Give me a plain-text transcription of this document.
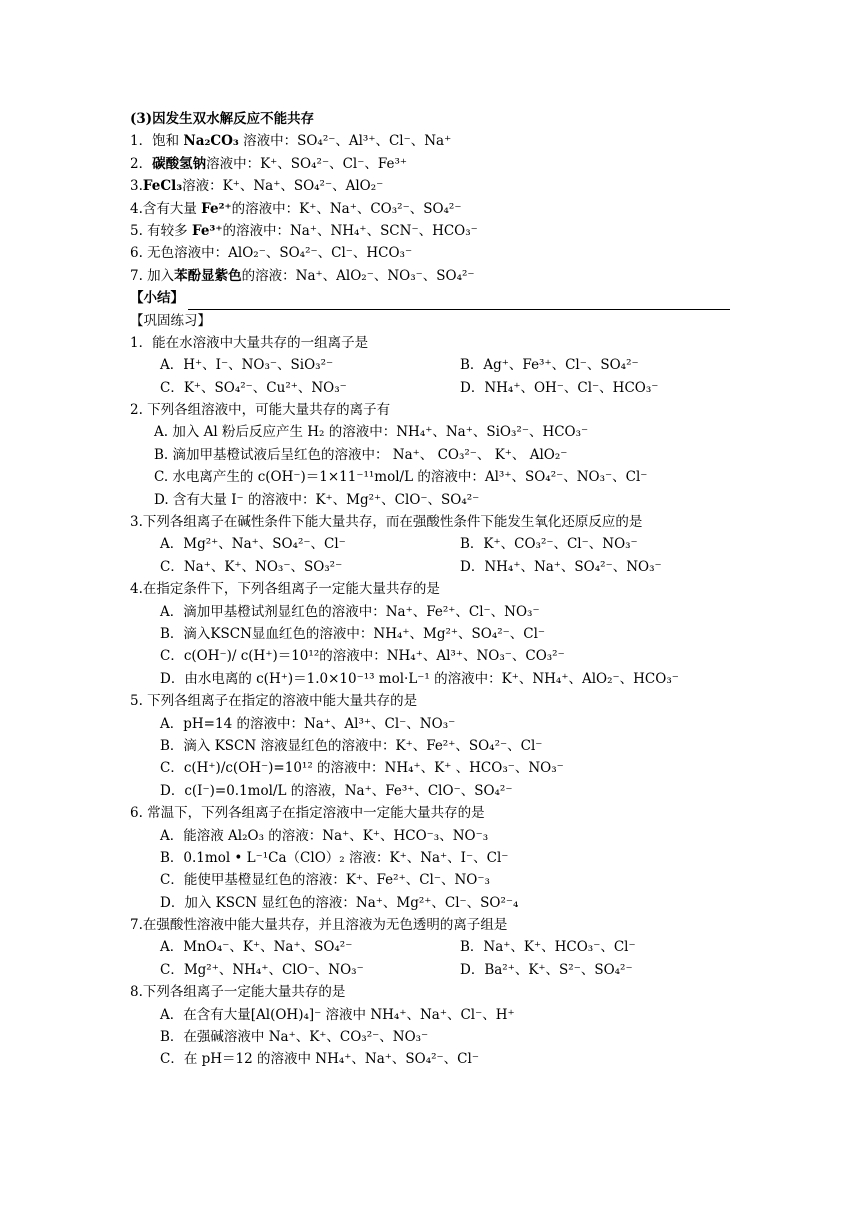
(3)因发生双水解反应不能共存
1．饱和 Na₂CO₃ 溶液中：SO₄²⁻、Al³⁺、Cl⁻、Na⁺
2．碳酸氢钠溶液中：K⁺、SO₄²⁻、Cl⁻、Fe³⁺
3.FeCl₃溶液：K⁺、Na⁺、SO₄²⁻、AlO₂⁻
4.含有大量 Fe²⁺的溶液中：K⁺、Na⁺、CO₃²⁻、SO₄²⁻
5. 有较多 Fe³⁺的溶液中：Na⁺、NH₄⁺、SCN⁻、HCO₃⁻
6. 无色溶液中：AlO₂⁻、SO₄²⁻、Cl⁻、HCO₃⁻
7. 加入苯酚显紫色的溶液：Na⁺、AlO₂⁻、NO₃⁻、SO₄²⁻
【小结】
【巩固练习】
1．能在水溶液中大量共存的一组离子是
A．H⁺、I⁻、NO₃⁻、SiO₃²⁻	B．Ag⁺、Fe³⁺、Cl⁻、SO₄²⁻
C．K⁺、SO₄²⁻、Cu²⁺、NO₃⁻	D．NH₄⁺、OH⁻、Cl⁻、HCO₃⁻
2. 下列各组溶液中，可能大量共存的离子有
A. 加入 Al 粉后反应产生 H₂ 的溶液中：NH₄⁺、Na⁺、SiO₃²⁻、HCO₃⁻
B. 滴加甲基橙试液后呈红色的溶液中： Na⁺、 CO₃²⁻、 K⁺、 AlO₂⁻
C. 水电离产生的 c(OH⁻)＝1×11⁻¹¹mol/L 的溶液中：Al³⁺、SO₄²⁻、NO₃⁻、Cl⁻
D. 含有大量 I⁻ 的溶液中：K⁺、Mg²⁺、ClO⁻、SO₄²⁻
3.下列各组离子在碱性条件下能大量共存，而在强酸性条件下能发生氧化还原反应的是
A．Mg²⁺、Na⁺、SO₄²⁻、Cl⁻	B．K⁺、CO₃²⁻、Cl⁻、NO₃⁻
C．Na⁺、K⁺、NO₃⁻、SO₃²⁻	D．NH₄⁺、Na⁺、SO₄²⁻、NO₃⁻
4.在指定条件下，下列各组离子一定能大量共存的是
A．滴加甲基橙试剂显红色的溶液中：Na⁺、Fe²⁺、Cl⁻、NO₃⁻
B．滴入KSCN显血红色的溶液中：NH₄⁺、Mg²⁺、SO₄²⁻、Cl⁻
C．c(OH⁻)/ c(H⁺)＝10¹²的溶液中：NH₄⁺、Al³⁺、NO₃⁻、CO₃²⁻
D．由水电离的 c(H⁺)＝1.0×10⁻¹³ mol·L⁻¹ 的溶液中：K⁺、NH₄⁺、AlO₂⁻、HCO₃⁻
5. 下列各组离子在指定的溶液中能大量共存的是
A．pH=14 的溶液中：Na⁺、Al³⁺、Cl⁻、NO₃⁻
B．滴入 KSCN 溶液显红色的溶液中：K⁺、Fe²⁺、SO₄²⁻、Cl⁻
C．c(H⁺)/c(OH⁻)=10¹² 的溶液中：NH₄⁺、K⁺ 、HCO₃⁻、NO₃⁻
D．c(I⁻)=0.1mol/L 的溶液，Na⁺、Fe³⁺、ClO⁻、SO₄²⁻
6. 常温下，下列各组离子在指定溶液中一定能大量共存的是
A．能溶液 Al₂O₃ 的溶液：Na⁺、K⁺、HCO⁻₃、NO⁻₃
B．0.1mol • L⁻¹Ca（ClO）₂ 溶液：K⁺、Na⁺、I⁻、Cl⁻
C．能使甲基橙显红色的溶液：K⁺、Fe²⁺、Cl⁻、NO⁻₃
D．加入 KSCN 显红色的溶液：Na⁺、Mg²⁺、Cl⁻、SO²⁻₄
7.在强酸性溶液中能大量共存，并且溶液为无色透明的离子组是
A．MnO₄⁻、K⁺、Na⁺、SO₄²⁻	B．Na⁺、K⁺、HCO₃⁻、Cl⁻
C．Mg²⁺、NH₄⁺、ClO⁻、NO₃⁻	D．Ba²⁺、K⁺、S²⁻、SO₄²⁻
8.下列各组离子一定能大量共存的是
A．在含有大量[Al(OH)₄]⁻ 溶液中 NH₄⁺、Na⁺、Cl⁻、H⁺
B．在强碱溶液中 Na⁺、K⁺、CO₃²⁻、NO₃⁻
C．在 pH＝12 的溶液中 NH₄⁺、Na⁺、SO₄²⁻、Cl⁻
